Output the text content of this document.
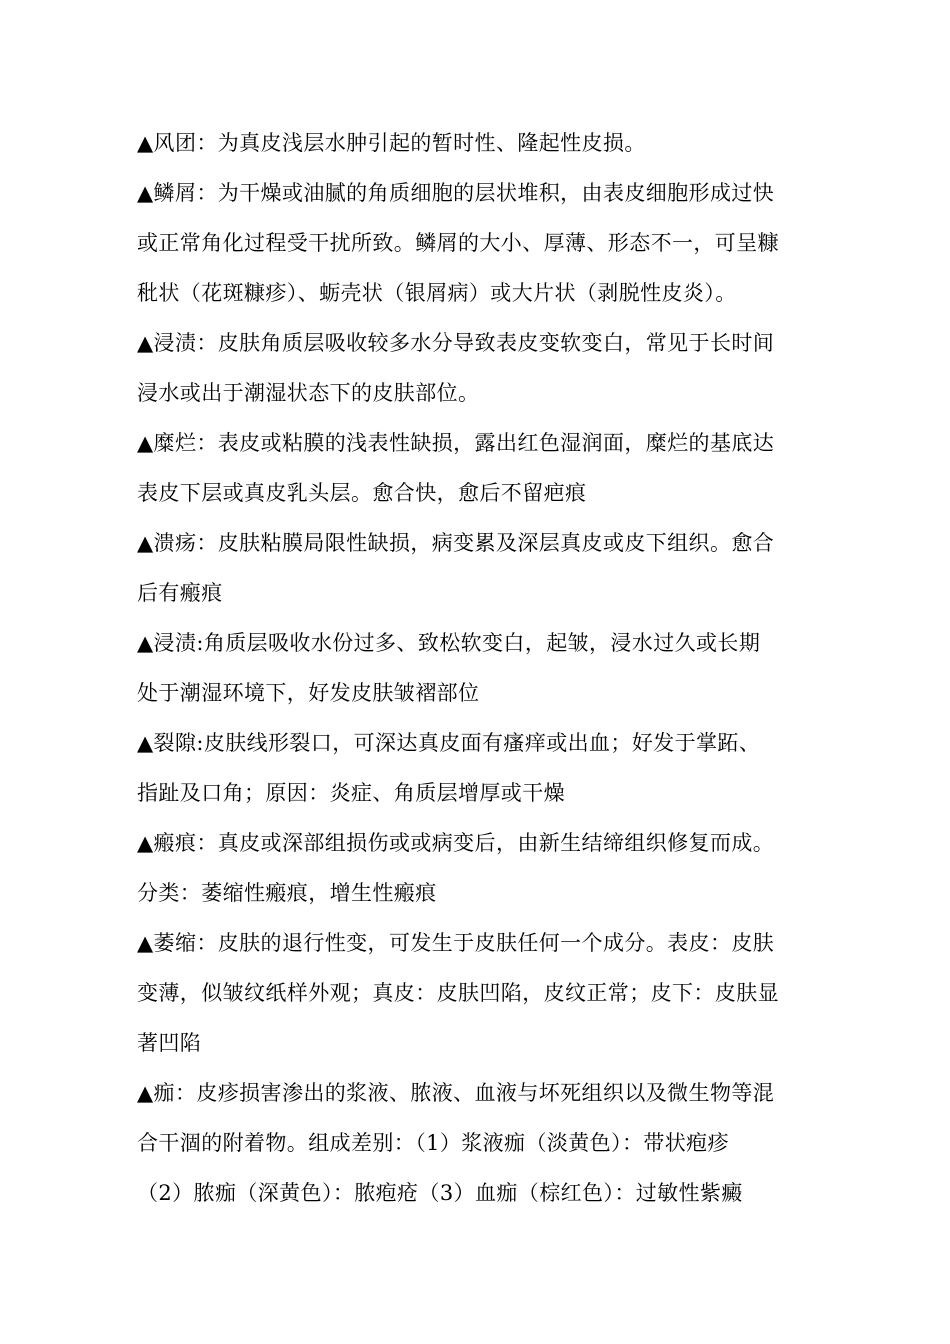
▲风团：为真皮浅层水肿引起的暂时性、隆起性皮损。
▲鳞屑：为干燥或油腻的角质细胞的层状堆积，由表皮细胞形成过快
或正常角化过程受干扰所致。鳞屑的大小、厚薄、形态不一，可呈糠
秕状（花斑糠疹）、蛎壳状（银屑病）或大片状（剥脱性皮炎）。
▲浸渍：皮肤角质层吸收较多水分导致表皮变软变白，常见于长时间
浸水或出于潮湿状态下的皮肤部位。
▲糜烂：表皮或粘膜的浅表性缺损，露出红色湿润面，糜烂的基底达
表皮下层或真皮乳头层。愈合快，愈后不留疤痕
▲溃疡：皮肤粘膜局限性缺损，病变累及深层真皮或皮下组织。愈合
后有瘢痕
▲浸渍:角质层吸收水份过多、致松软变白，起皱，浸水过久或长期
处于潮湿环境下，好发皮肤皱褶部位
▲裂隙:皮肤线形裂口，可深达真皮面有瘙痒或出血；好发于掌跖、
指趾及口角；原因：炎症、角质层增厚或干燥
▲瘢痕：真皮或深部组损伤或或病变后，由新生结缔组织修复而成。
分类：萎缩性瘢痕，增生性瘢痕
▲萎缩：皮肤的退行性变，可发生于皮肤任何一个成分。表皮：皮肤
变薄，似皱纹纸样外观；真皮：皮肤凹陷，皮纹正常；皮下：皮肤显
著凹陷
▲痂：皮疹损害渗出的浆液、脓液、血液与坏死组织以及微生物等混
合干涸的附着物。组成差别：（1）浆液痂（淡黄色）：带状疱疹
（2）脓痂（深黄色）：脓疱疮（3）血痂（棕红色）：过敏性紫癜
